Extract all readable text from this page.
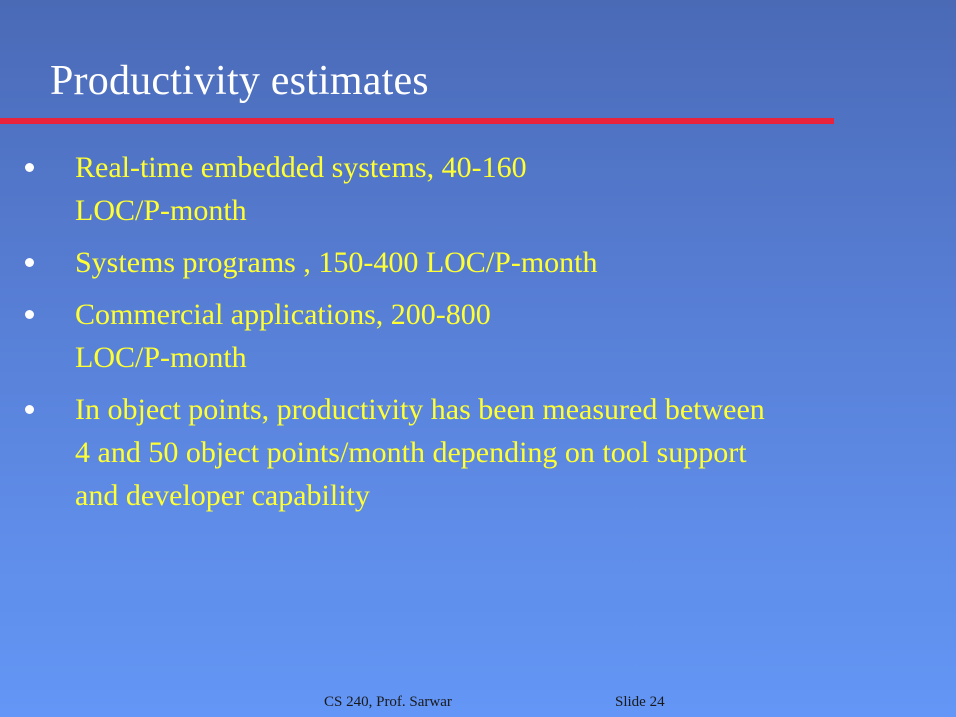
Productivity estimates
Real-time embedded systems, 40-160
LOC/P-month
Systems programs , 150-400 LOC/P-month
Commercial applications, 200-800
LOC/P-month
In object points, productivity has been measured between
4 and 50 object points/month depending on tool support
and developer capability
CS 240, Prof. Sarwar	Slide 24
